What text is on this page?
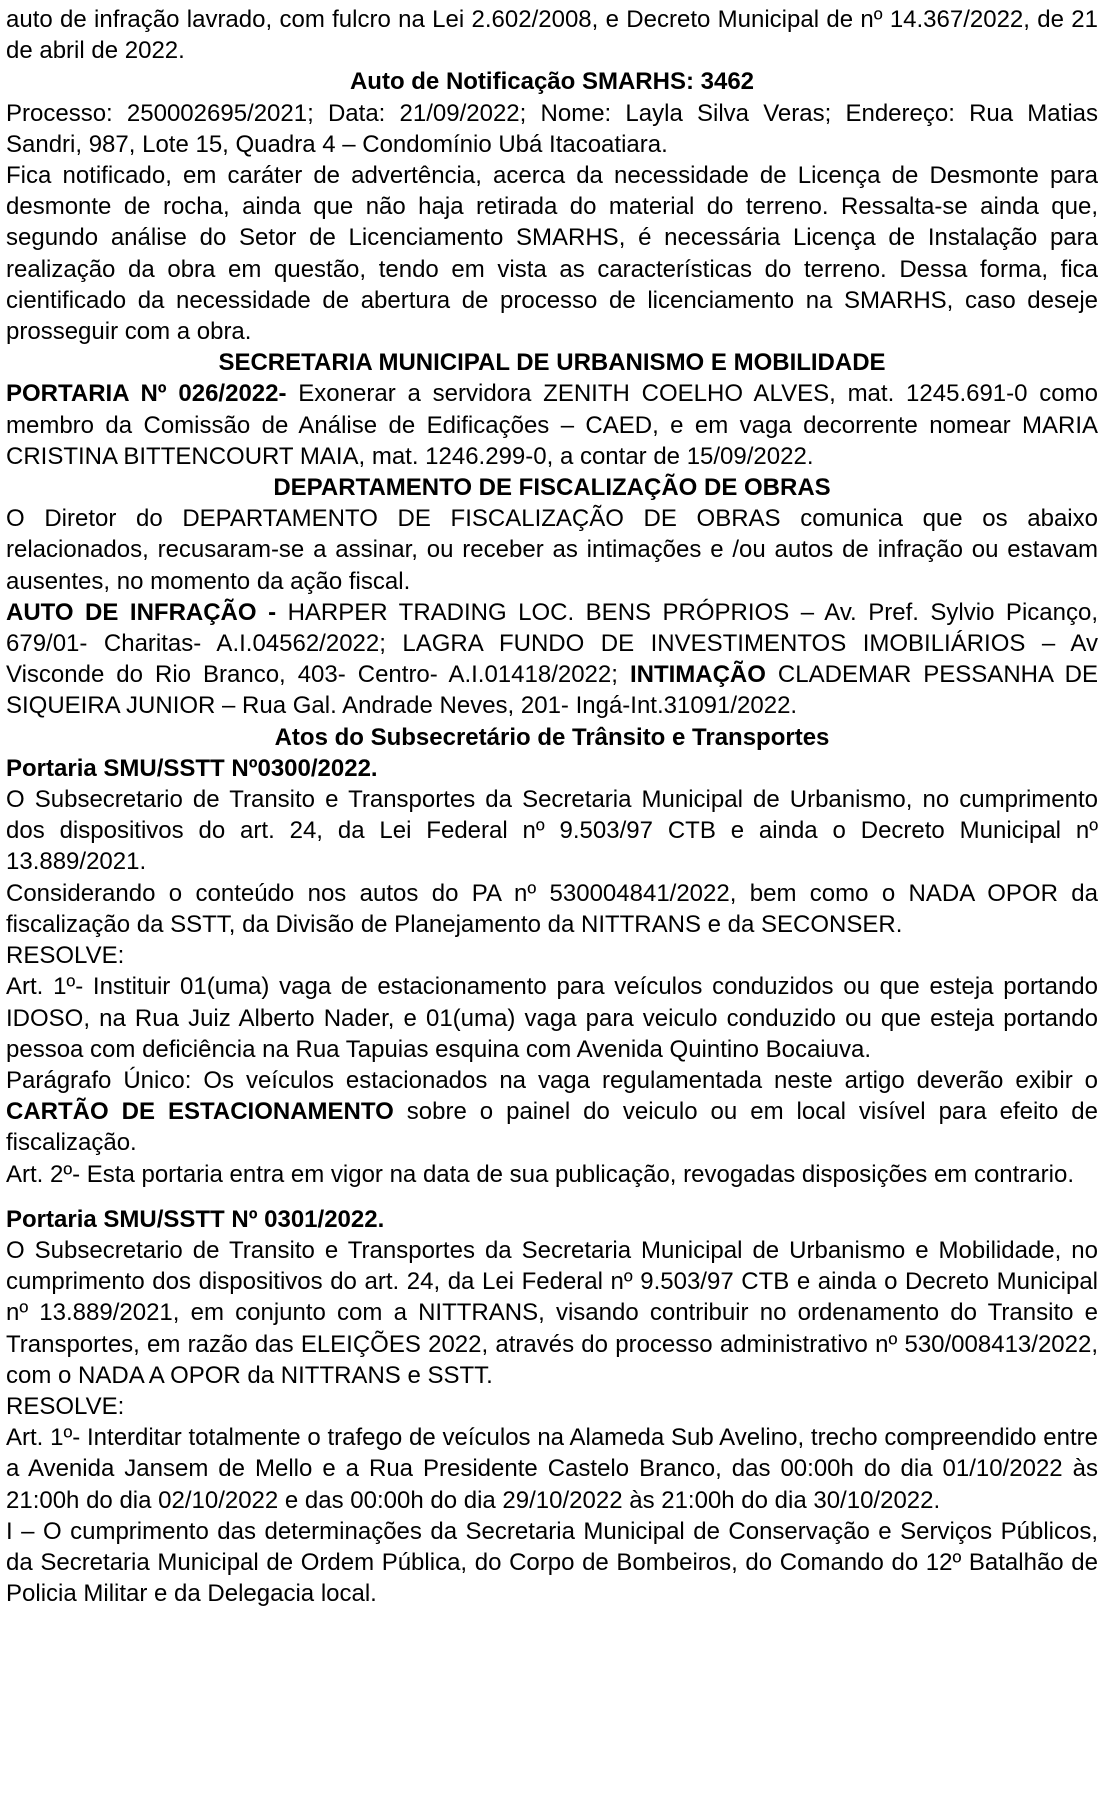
auto de infração lavrado, com fulcro na Lei 2.602/2008, e Decreto Municipal de nº 14.367/2022, de 21 de abril de 2022.

Auto de Notificação SMARHS: 3462

Processo: 250002695/2021; Data: 21/09/2022; Nome: Layla Silva Veras; Endereço: Rua Matias Sandri, 987, Lote 15, Quadra 4 – Condomínio Ubá Itacoatiara.

Fica notificado, em caráter de advertência, acerca da necessidade de Licença de Desmonte para desmonte de rocha, ainda que não haja retirada do material do terreno. Ressalta-se ainda que, segundo análise do Setor de Licenciamento SMARHS, é necessária Licença de Instalação para realização da obra em questão, tendo em vista as características do terreno. Dessa forma, fica cientificado da necessidade de abertura de processo de licenciamento na SMARHS, caso deseje prosseguir com a obra.

SECRETARIA MUNICIPAL DE URBANISMO E MOBILIDADE

PORTARIA Nº 026/2022- Exonerar a servidora ZENITH COELHO ALVES, mat. 1245.691-0 como membro da Comissão de Análise de Edificações – CAED, e em vaga decorrente nomear MARIA CRISTINA BITTENCOURT MAIA, mat. 1246.299-0, a contar de 15/09/2022.

DEPARTAMENTO DE FISCALIZAÇÃO DE OBRAS

O Diretor do DEPARTAMENTO DE FISCALIZAÇÃO DE OBRAS comunica que os abaixo relacionados, recusaram-se a assinar, ou receber as intimações e /ou autos de infração ou estavam ausentes, no momento da ação fiscal.

AUTO DE INFRAÇÃO - HARPER TRADING LOC. BENS PRÓPRIOS – Av. Pref. Sylvio Picanço, 679/01- Charitas- A.I.04562/2022; LAGRA FUNDO DE INVESTIMENTOS IMOBILIÁRIOS – Av Visconde do Rio Branco, 403- Centro- A.I.01418/2022; INTIMAÇÃO CLADEMAR PESSANHA DE SIQUEIRA JUNIOR – Rua Gal. Andrade Neves, 201- Ingá-Int.31091/2022.

Atos do Subsecretário de Trânsito e Transportes

Portaria SMU/SSTT Nº0300/2022.

O Subsecretario de Transito e Transportes da Secretaria Municipal de Urbanismo, no cumprimento dos dispositivos do art. 24, da Lei Federal nº 9.503/97 CTB e ainda o Decreto Municipal nº 13.889/2021.

Considerando o conteúdo nos autos do PA nº 530004841/2022, bem como o NADA OPOR da fiscalização da SSTT, da Divisão de Planejamento da NITTRANS e da SECONSER.

RESOLVE:

Art. 1º- Instituir 01(uma) vaga de estacionamento para veículos conduzidos ou que esteja portando IDOSO, na Rua Juiz Alberto Nader, e 01(uma) vaga para veiculo conduzido ou que esteja portando pessoa com deficiência na Rua Tapuias esquina com Avenida Quintino Bocaiuva.

Parágrafo Único: Os veículos estacionados na vaga regulamentada neste artigo deverão exibir o CARTÃO DE ESTACIONAMENTO sobre o painel do veiculo ou em local visível para efeito de fiscalização.

Art. 2º- Esta portaria entra em vigor na data de sua publicação, revogadas disposições em contrario.

Portaria SMU/SSTT Nº 0301/2022.

O Subsecretario de Transito e Transportes da Secretaria Municipal de Urbanismo e Mobilidade, no cumprimento dos dispositivos do art. 24, da Lei Federal nº 9.503/97 CTB e ainda o Decreto Municipal nº 13.889/2021, em conjunto com a NITTRANS, visando contribuir no ordenamento do Transito e Transportes, em razão das ELEIÇÕES 2022, através do processo administrativo nº 530/008413/2022, com o NADA A OPOR da NITTRANS e SSTT.

RESOLVE:

Art. 1º- Interditar totalmente o trafego de veículos na Alameda Sub Avelino, trecho compreendido entre a Avenida Jansem de Mello e a Rua Presidente Castelo Branco, das 00:00h do dia 01/10/2022 às 21:00h do dia 02/10/2022 e das 00:00h do dia 29/10/2022 às 21:00h do dia 30/10/2022.

I – O cumprimento das determinações da Secretaria Municipal de Conservação e Serviços Públicos, da Secretaria Municipal de Ordem Pública, do Corpo de Bombeiros, do Comando do 12º Batalhão de Policia Militar e da Delegacia local.
